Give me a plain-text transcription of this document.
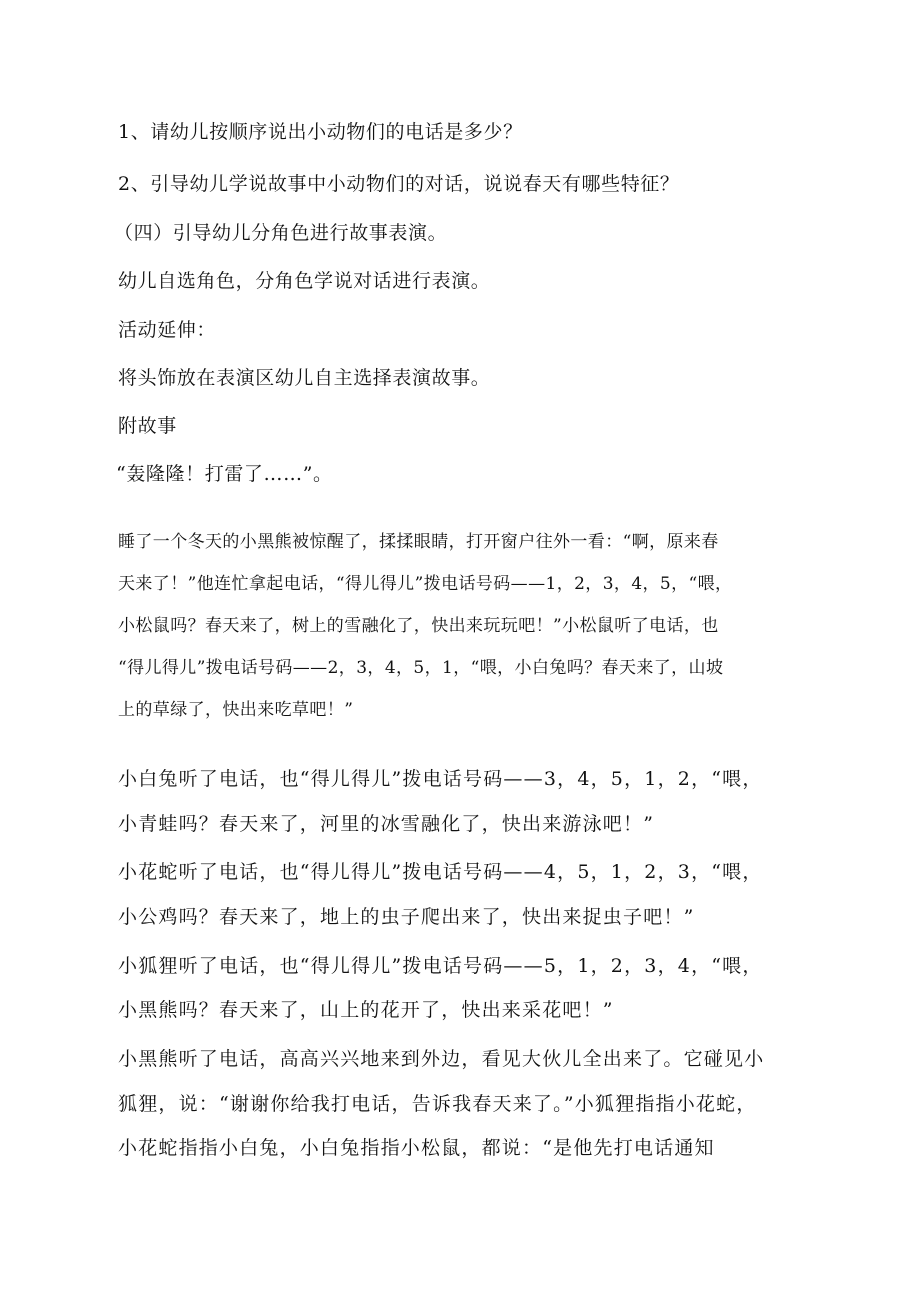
1、请幼儿按顺序说出小动物们的电话是多少？
2、引导幼儿学说故事中小动物们的对话，说说春天有哪些特征？
（四）引导幼儿分角色进行故事表演。
幼儿自选角色，分角色学说对话进行表演。
活动延伸：
将头饰放在表演区幼儿自主选择表演故事。
附故事
“轰隆隆！打雷了……”。
睡了一个冬天的小黑熊被惊醒了，揉揉眼睛，打开窗户往外一看：“啊，原来春
天来了！”他连忙拿起电话，“得儿得儿”拨电话号码——1，2，3，4，5，“喂，
小松鼠吗？春天来了，树上的雪融化了，快出来玩玩吧！”小松鼠听了电话，也
“得儿得儿”拨电话号码——2，3，4，5，1，“喂，小白兔吗？春天来了，山坡
上的草绿了，快出来吃草吧！”
小白兔听了电话，也“得儿得儿”拨电话号码——3，4，5，1，2，“喂，
小青蛙吗？春天来了，河里的冰雪融化了，快出来游泳吧！”
小花蛇听了电话，也“得儿得儿”拨电话号码——4，5，1，2，3，“喂，
小公鸡吗？春天来了，地上的虫子爬出来了，快出来捉虫子吧！”
小狐狸听了电话，也“得儿得儿”拨电话号码——5，1，2，3，4，“喂，
小黑熊吗？春天来了，山上的花开了，快出来采花吧！”
小黑熊听了电话，高高兴兴地来到外边，看见大伙儿全出来了。它碰见小
狐狸，说：“谢谢你给我打电话，告诉我春天来了。”小狐狸指指小花蛇，
小花蛇指指小白兔，小白兔指指小松鼠，都说：“是他先打电话通知
